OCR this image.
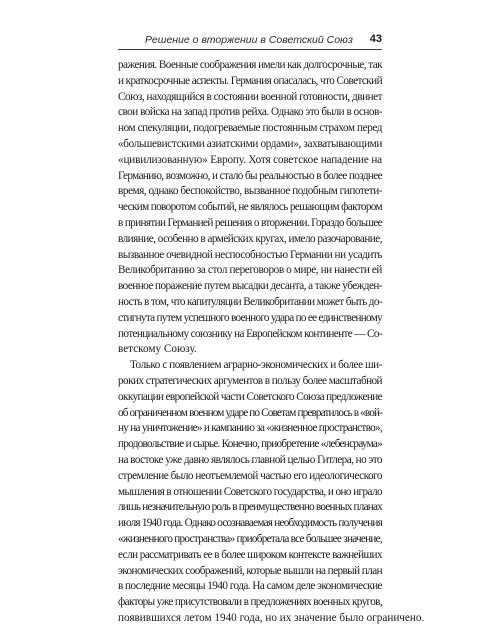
Решение о вторжении в Советский Союз	43
ражения. Военные соображения имели как долгосрочные, так
и краткосрочные аспекты. Германия опасалась, что Советский
Союз, находящийся в состоянии военной готовности, двинет
свои войска на запад против рейха. Однако это были в основ-
ном спекуляции, подогреваемые постоянным страхом перед
«большевистскими азиатскими ордами», захватывающими
«цивилизованную» Европу. Хотя советское нападение на
Германию, возможно, и стало бы реальностью в более позднее
время, однако беспокойство, вызванное подобным гипотети-
ческим поворотом событий, не являлось решающим фактором
в принятии Германией решения о вторжении. Гораздо большее
влияние, особенно в армейских кругах, имело разочарование,
вызванное очевидной неспособностью Германии ни усадить
Великобританию за стол переговоров о мире, ни нанести ей
военное поражение путем высадки десанта, а также убежден-
ность в том, что капитуляции Великобритании может быть до-
стигнута путем успешного военного удара по ее единственному
потенциальному союзнику на Европейском континенте — Со-
ветскому Союзу.
Только с появлением аграрно-экономических и более ши-
роких стратегических аргументов в пользу более масштабной
оккупации европейской части Советского Союза предложение
об ограниченном военном ударе по Советам превратилось в «вой-
ну на уничтожение» и кампанию за «жизненное пространство»,
продовольствие и сырье. Конечно, приобретение «лебенсраума»
на востоке уже давно являлось главной целью Гитлера, но это
стремление было неотъемлемой частью его идеологического
мышления в отношении Советского государства, и оно играло
лишь незначительную роль в преимущественно военных планах
июля 1940 года. Однако осознаваемая необходимость получения
«жизненного пространства» приобретала все большее значение,
если рассматривать ее в более широком контексте важнейших
экономических соображений, которые вышли на первый план
в последние месяцы 1940 года. На самом деле экономические
факторы уже присутствовали в предложениях военных кругов,
появившихся летом 1940 года, но их значение было ограничено.
